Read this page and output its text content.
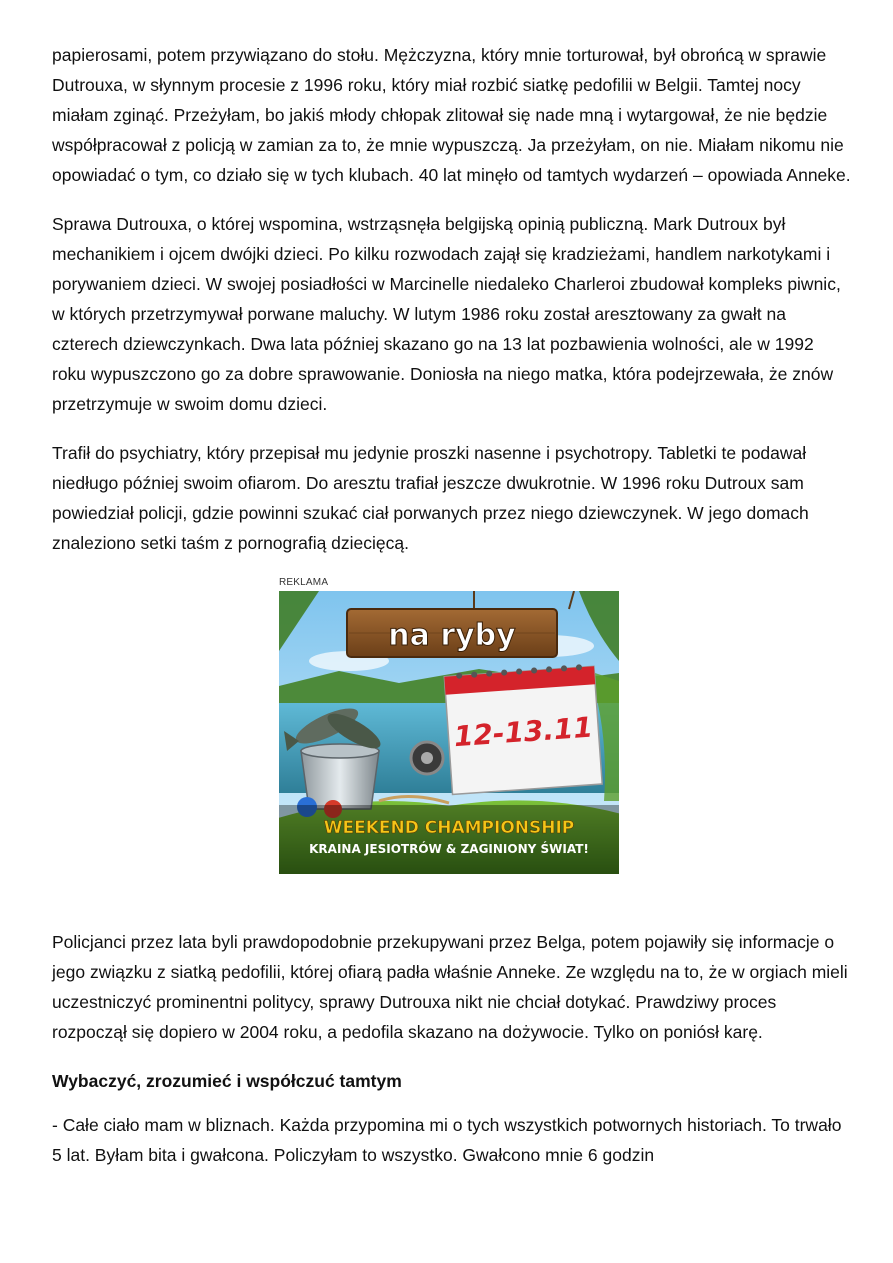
papierosami, potem przywiązano do stołu. Mężczyzna, który mnie torturował, był obrońcą w sprawie Dutrouxa, w słynnym procesie z 1996 roku, który miał rozbić siatkę pedofilii w Belgii. Tamtej nocy miałam zginąć. Przeżyłam, bo jakiś młody chłopak zlitował się nade mną i wytargował, że nie będzie współpracował z policją w zamian za to, że mnie wypuszczą. Ja przeżyłam, on nie. Miałam nikomu nie opowiadać o tym, co działo się w tych klubach. 40 lat minęło od tamtych wydarzeń – opowiada Anneke.

Sprawa Dutrouxa, o której wspomina, wstrząsnęła belgijską opinią publiczną. Mark Dutroux był mechanikiem i ojcem dwójki dzieci. Po kilku rozwodach zajął się kradzieżami, handlem narkotykami i porywaniem dzieci. W swojej posiadłości w Marcinelle niedaleko Charleroi zbudował kompleks piwnic, w których przetrzymywał porwane maluchy. W lutym 1986 roku został aresztowany za gwałt na czterech dziewczynkach. Dwa lata później skazano go na 13 lat pozbawienia wolności, ale w 1992 roku wypuszczono go za dobre sprawowanie. Doniosła na niego matka, która podejrzewała, że znów przetrzymuje w swoim domu dzieci.

Trafił do psychiatry, który przepisał mu jedynie proszki nasenne i psychotropy. Tabletki te podawał niedługo później swoim ofiarom. Do aresztu trafiał jeszcze dwukrotnie. W 1996 roku Dutroux sam powiedział policji, gdzie powinni szukać ciał porwanych przez niego dziewczynek. W jego domach znaleziono setki taśm z pornografią dziecięcą.

REKLAMA
na ryby
12-13.11
WEEKEND CHAMPIONSHIP
KRAINA JESIOTRÓW & ZAGINIONY ŚWIAT!

Policjanci przez lata byli prawdopodobnie przekupywani przez Belga, potem pojawiły się informacje o jego związku z siatką pedofilii, której ofiarą padła właśnie Anneke. Ze względu na to, że w orgiach mieli uczestniczyć prominentni politycy, sprawy Dutrouxa nikt nie chciał dotykać. Prawdziwy proces rozpoczął się dopiero w 2004 roku, a pedofila skazano na dożywocie. Tylko on poniósł karę.

Wybaczyć, zrozumieć i współczuć tamtym

- Całe ciało mam w bliznach. Każda przypomina mi o tych wszystkich potwornych historiach. To trwało 5 lat. Byłam bita i gwałcona. Policzyłam to wszystko. Gwałcono mnie 6 godzin
